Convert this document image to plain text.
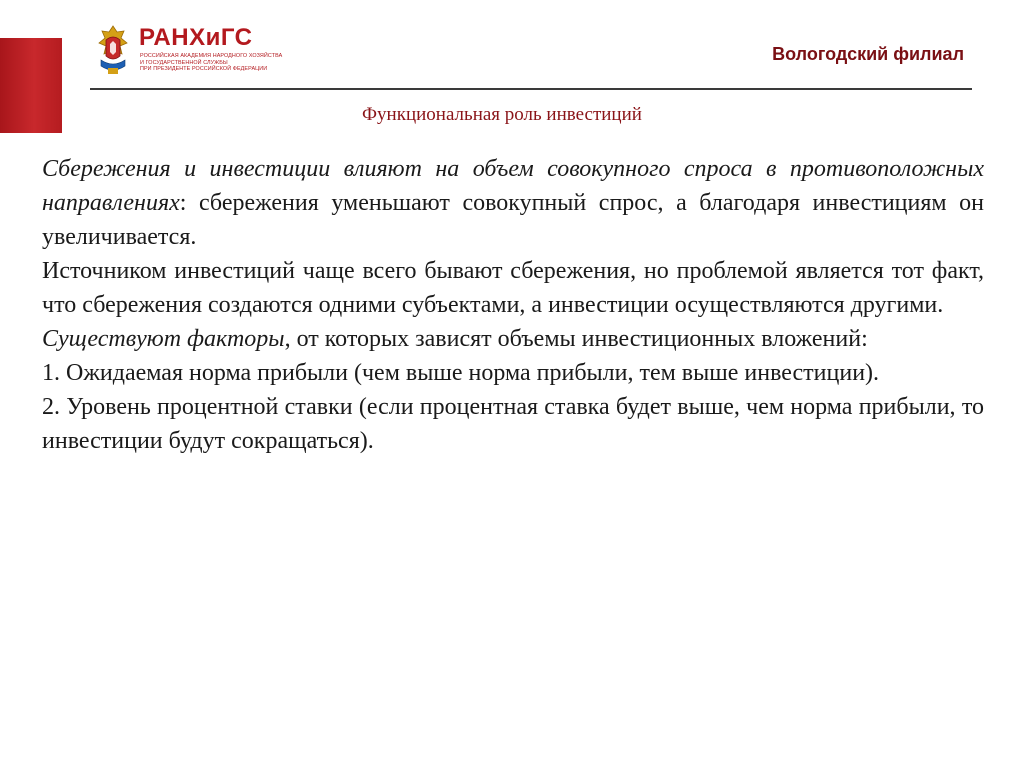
РАНХиГС
РОССИЙСКАЯ АКАДЕМИЯ НАРОДНОГО ХОЗЯЙСТВА
И ГОСУДАРСТВЕННОЙ СЛУЖБЫ
ПРИ ПРЕЗИДЕНТЕ РОССИЙСКОЙ ФЕДЕРАЦИИ
Вологодский филиал
Функциональная роль инвестиций

Сбережения и инвестиции влияют на объем совокупного спроса в противоположных направлениях: сбережения уменьшают совокупный спрос, а благодаря инвестициям он увеличивается.

Источником инвестиций чаще всего бывают сбережения, но проблемой является тот факт, что сбережения создаются одними субъектами, а инвестиции осуществляются другими.

Существуют факторы, от которых зависят объемы инвестиционных вложений:

1. Ожидаемая норма прибыли (чем выше норма прибыли, тем выше инвестиции).

2. Уровень процентной ставки (если процентная ставка будет выше, чем норма прибыли, то инвестиции будут сокращаться).
